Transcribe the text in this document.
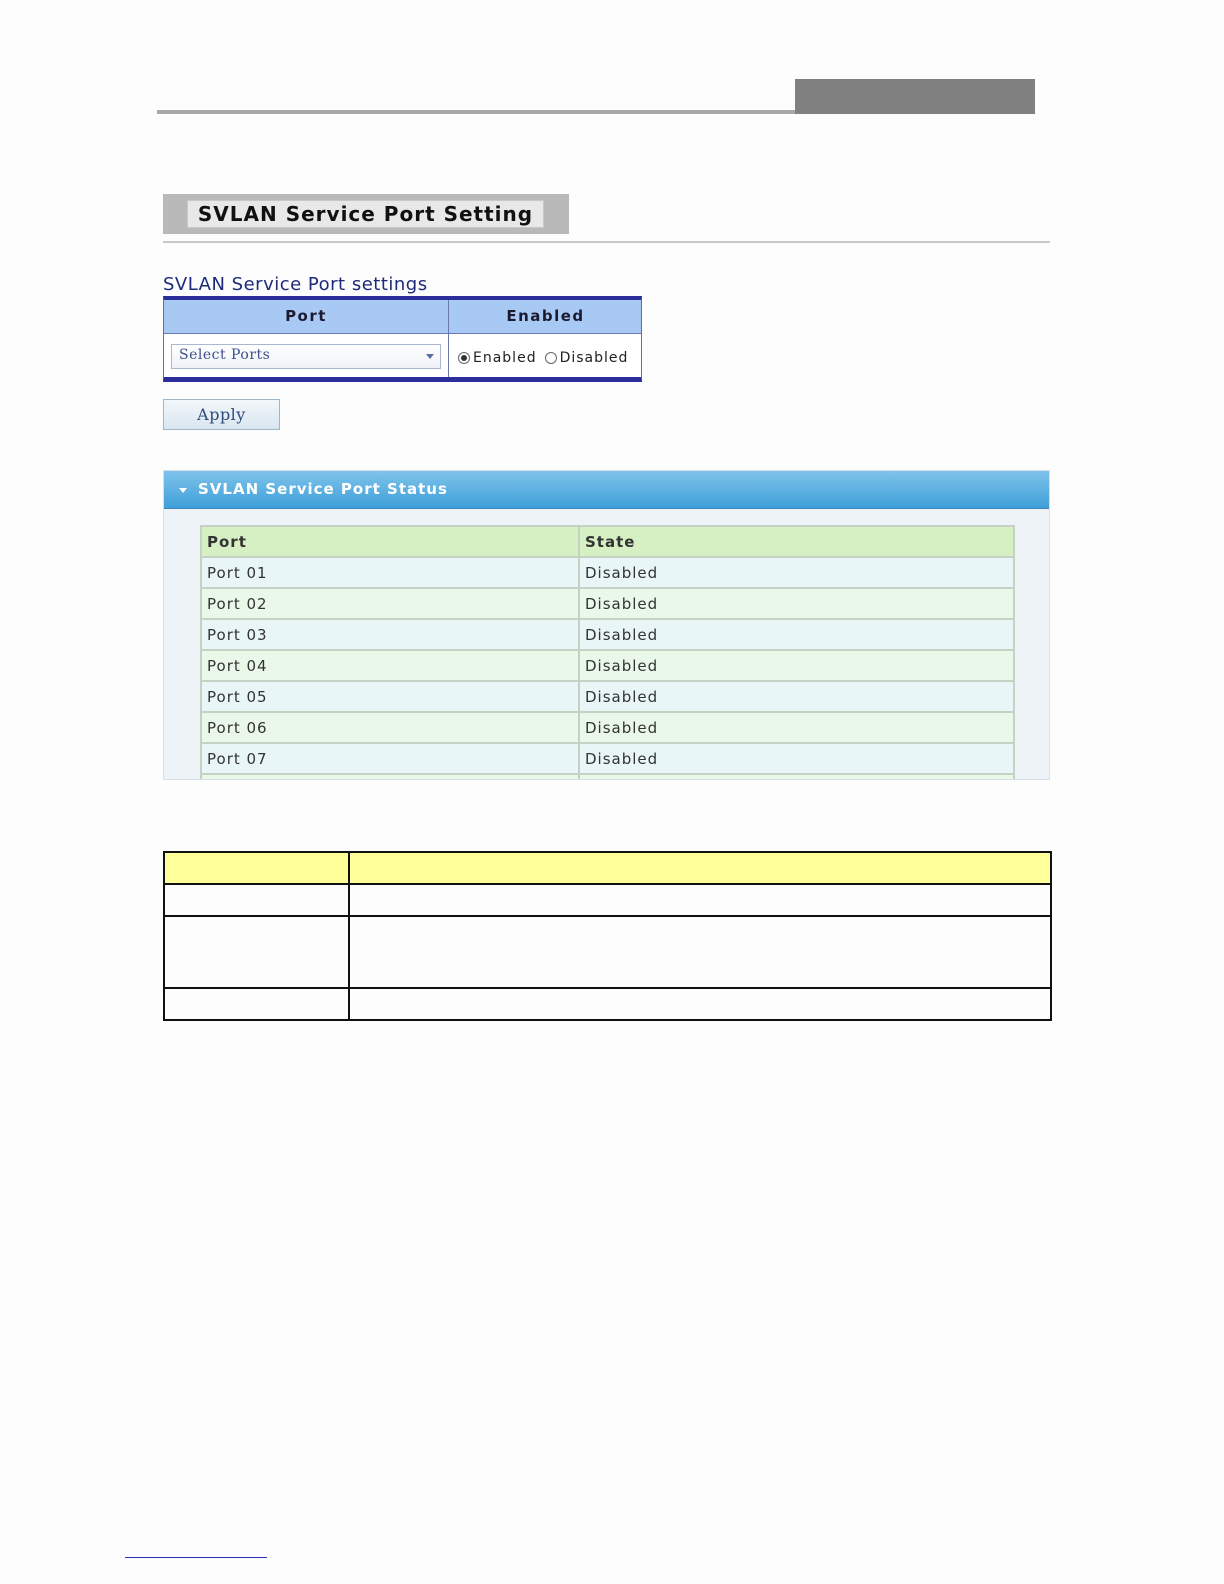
SVLAN Service Port Setting
SVLAN Service Port settings
Port	Enabled
Select Ports	Enabled Disabled
Apply
SVLAN Service Port Status
Port	State
Port 01	Disabled
Port 02	Disabled
Port 03	Disabled
Port 04	Disabled
Port 05	Disabled
Port 06	Disabled
Port 07	Disabled
